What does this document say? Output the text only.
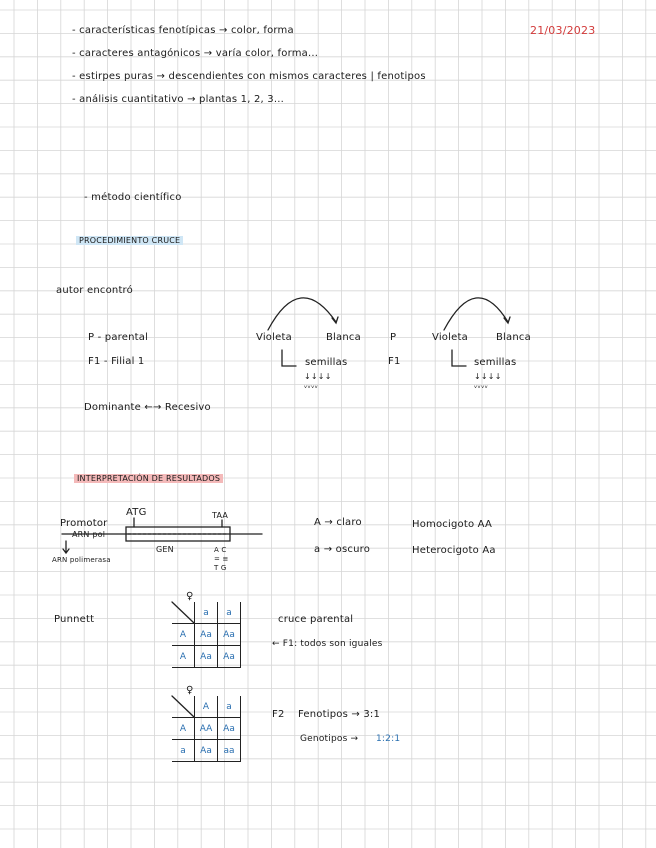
21/03/2023
- características fenotípicas → color, forma
- caracteres antagónicos → varía color, forma...
- estirpes puras → descendientes con mismos caracteres | fenotipos
- análisis cuantitativo → plantas 1, 2, 3...
- método científico
PROCEDIMIENTO CRUCE
autor encontró
P - parental
F1 - Filial 1
Dominante ←→ Recesivo
Violeta	Blanca	P
F1
semillas
↓↓↓↓
ᵥᵥᵥᵥ
Violeta	Blanca
semillas
↓↓↓↓
ᵥᵥᵥᵥ
INTERPRETACIÓN DE RESULTADOS
Promotor
ARN pol
ATG	TAA
GEN
ARN polimerasa
A C
= ≡
T G
A → claro
a → oscuro
Homocigoto AA
Heterocigoto Aa
Punnett
♀
	a	a
A	Aa	Aa
A	Aa	Aa
cruce parental
← F1: todos son iguales
♀
	A	a
A	AA	Aa
a	Aa	aa
F2 Fenotipos → 3:1
Genotipos → 1:2:1
